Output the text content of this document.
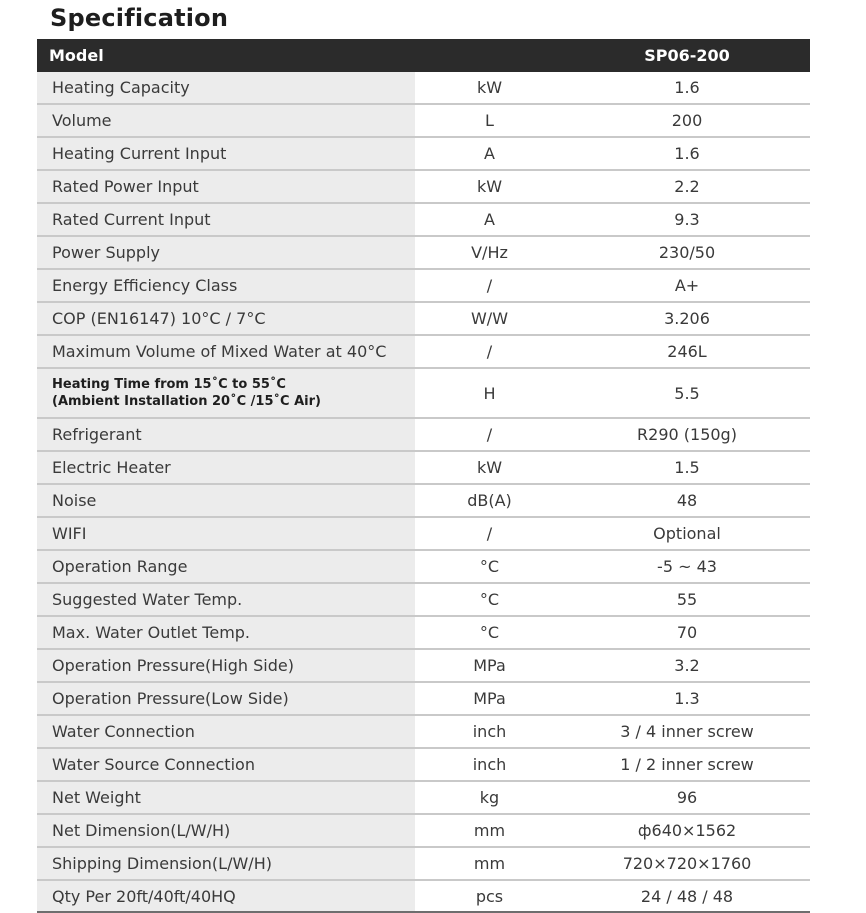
Specification
Model		SP06-200
Heating Capacity	kW	1.6
Volume	L	200
Heating Current Input	A	1.6
Rated Power Input	kW	2.2
Rated Current Input	A	9.3
Power Supply	V/Hz	230/50
Energy Efficiency Class	/	A+
COP (EN16147) 10°C / 7°C	W/W	3.206
Maximum Volume of Mixed Water at 40°C	/	246L

Heating Time from 15˚C to 55˚C
(Ambient Installation 20˚C /15˚C Air)	H	5.5
Refrigerant	/	R290 (150g)
Electric Heater	kW	1.5
Noise	dB(A)	48
WIFI	/	Optional
Operation Range	°C	-5 ~ 43
Suggested Water Temp.	°C	55
Max. Water Outlet Temp.	°C	70
Operation Pressure(High Side)	MPa	3.2
Operation Pressure(Low Side)	MPa	1.3
Water Connection	inch	3 / 4 inner screw
Water Source Connection	inch	1 / 2 inner screw
Net Weight	kg	96
Net Dimension(L/W/H)	mm	ф640×1562
Shipping Dimension(L/W/H)	mm	720×720×1760
Qty Per 20ft/40ft/40HQ	pcs	24 / 48 / 48
